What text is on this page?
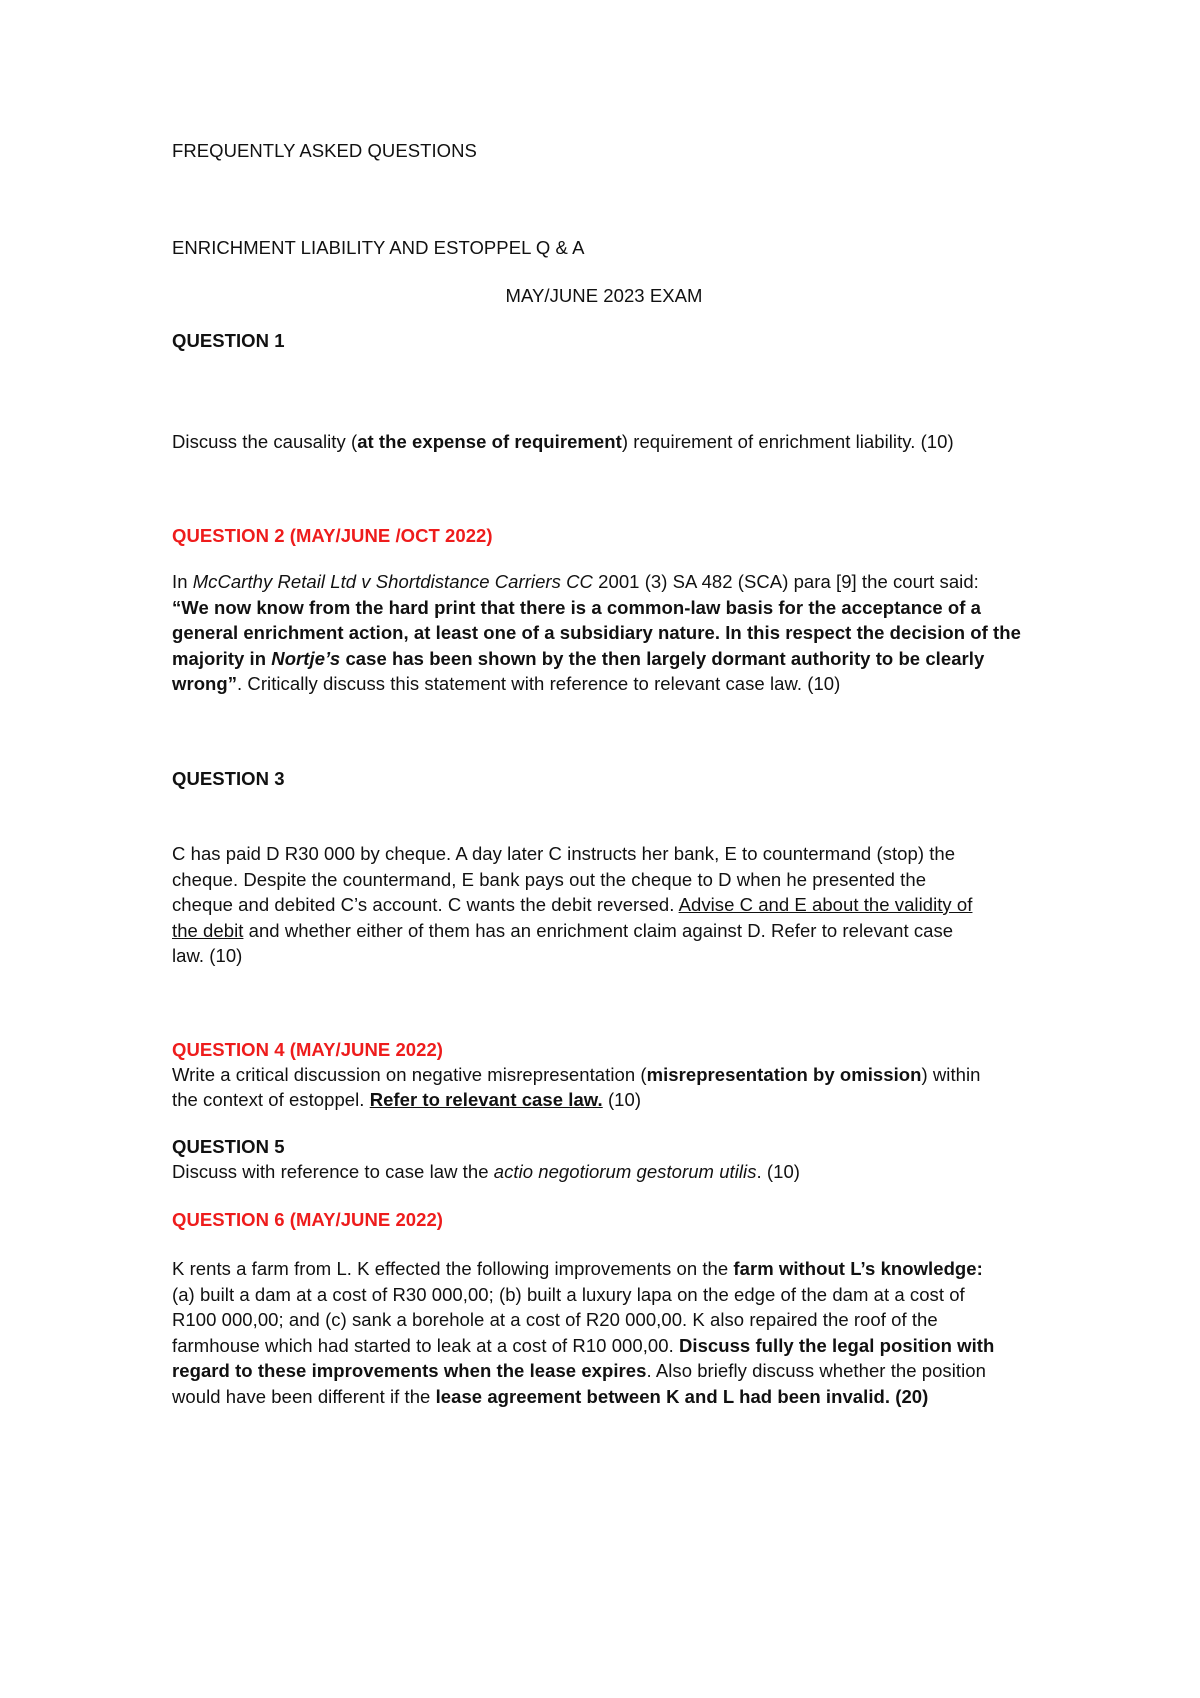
FREQUENTLY ASKED QUESTIONS
ENRICHMENT LIABILITY AND ESTOPPEL Q & A
MAY/JUNE 2023 EXAM
QUESTION 1
Discuss the causality (at the expense of requirement) requirement of enrichment liability. (10)
QUESTION 2 (MAY/JUNE /OCT 2022)
In McCarthy Retail Ltd v Shortdistance Carriers CC 2001 (3) SA 482 (SCA) para [9] the court said:
“We now know from the hard print that there is a common-law basis for the acceptance of a
general enrichment action, at least one of a subsidiary nature. In this respect the decision of the
majority in Nortje’s case has been shown by the then largely dormant authority to be clearly
wrong”. Critically discuss this statement with reference to relevant case law. (10)
QUESTION 3
C has paid D R30 000 by cheque. A day later C instructs her bank, E to countermand (stop) the
cheque. Despite the countermand, E bank pays out the cheque to D when he presented the
cheque and debited C’s account. C wants the debit reversed. Advise C and E about the validity of
the debit and whether either of them has an enrichment claim against D. Refer to relevant case
law. (10)
QUESTION 4 (MAY/JUNE 2022)
Write a critical discussion on negative misrepresentation (misrepresentation by omission) within
the context of estoppel. Refer to relevant case law. (10)
QUESTION 5
Discuss with reference to case law the actio negotiorum gestorum utilis. (10)
QUESTION 6 (MAY/JUNE 2022)
K rents a farm from L. K effected the following improvements on the farm without L’s knowledge:
(a) built a dam at a cost of R30 000,00; (b) built a luxury lapa on the edge of the dam at a cost of
R100 000,00; and (c) sank a borehole at a cost of R20 000,00. K also repaired the roof of the
farmhouse which had started to leak at a cost of R10 000,00. Discuss fully the legal position with
regard to these improvements when the lease expires. Also briefly discuss whether the position
would have been different if the lease agreement between K and L had been invalid. (20)
